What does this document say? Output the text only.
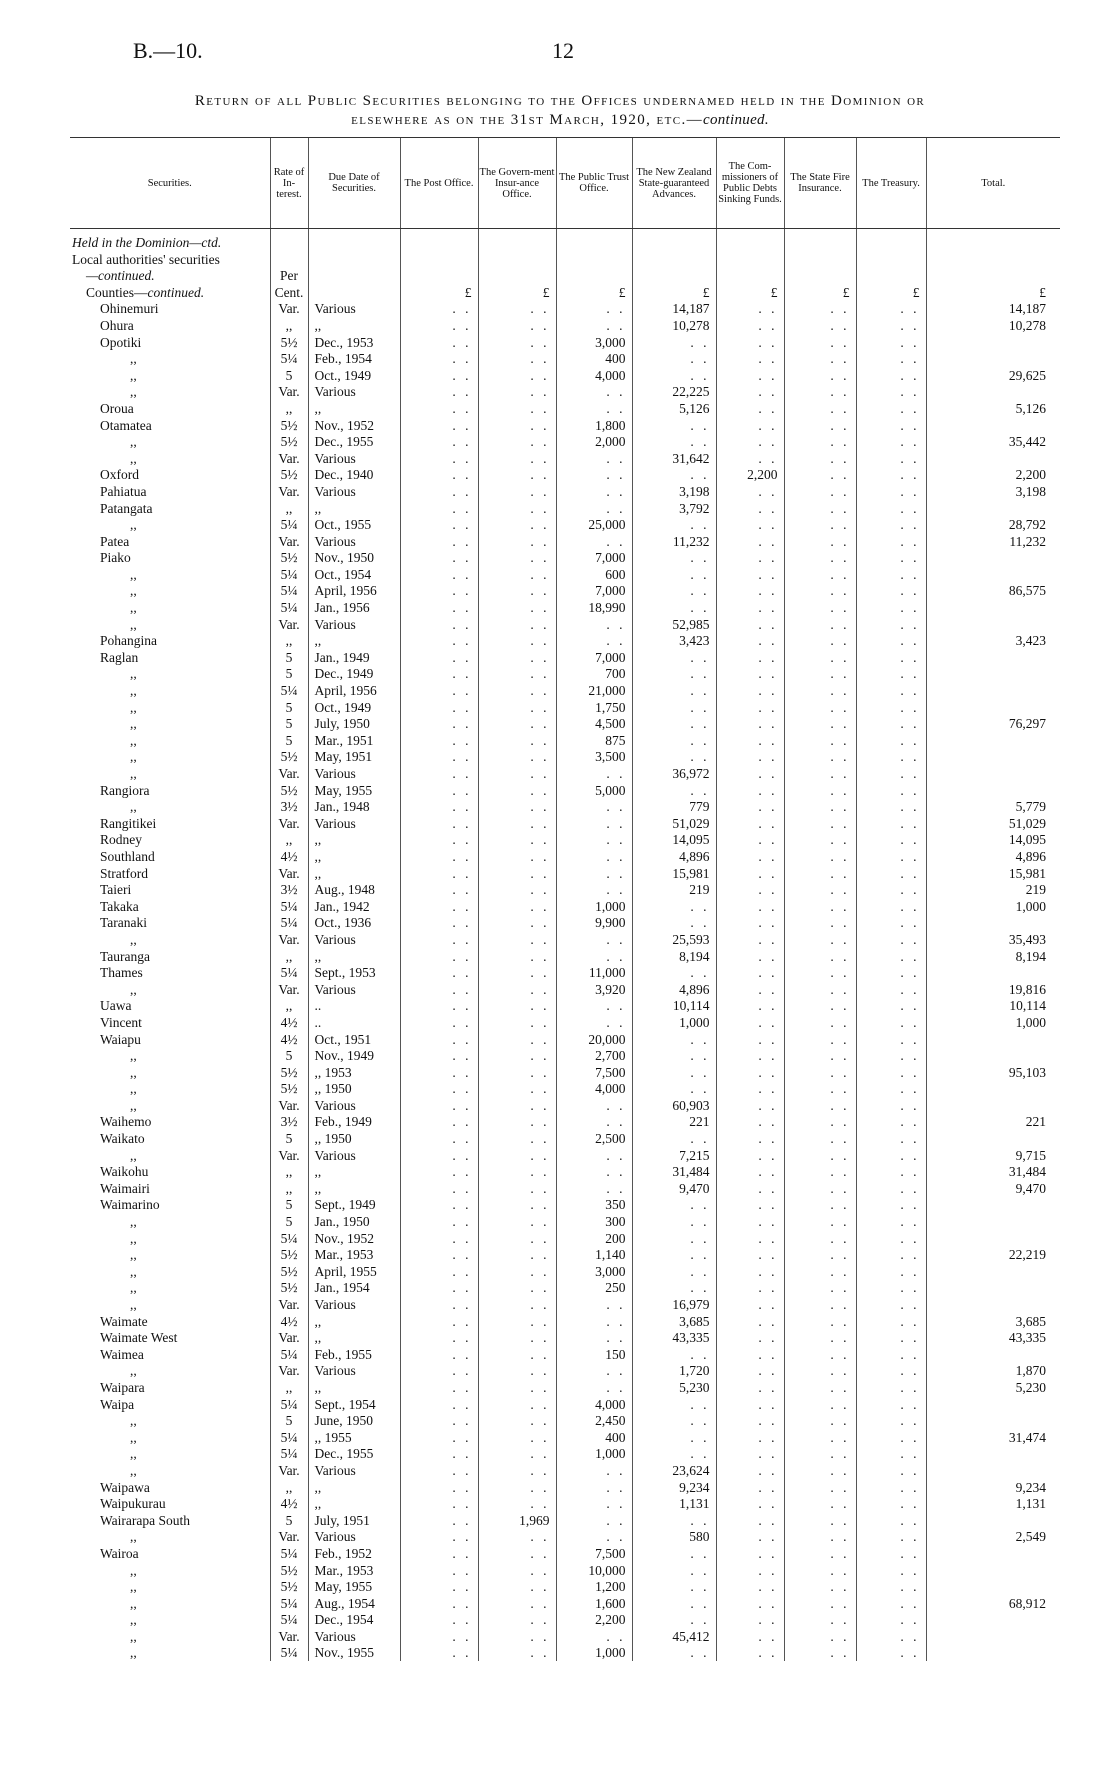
B.—10.	12
Return of all Public Securities belonging to the Offices undernamed held in the Dominion or
elsewhere as on the 31st March, 1920, etc.—continued.
Securities.	Rate of In-terest.	Due Date of Securities.	The Post Office.	The Govern-ment Insur-ance Office.	The Public Trust Office.	The New Zealand State-guaranteed Advances.	The Com-missioners of Public Debts Sinking Funds.	The State Fire Insurance.	The Treasury.	Total.
Held in the Dominion—ctd.										
Local authorities' securities										
—continued.	Per									
Counties—continued.	Cent.		£	£	£	£	£	£	£	£
Ohinemuri	Var.	Various	. .	. .	. .	14,187	. .	. .	. .	14,187
Ohura	,,	,,	. .	. .	. .	10,278	. .	. .	. .	10,278
Opotiki	5½	Dec., 1953	. .	. .	3,000	. .	. .	. .	. .	
,,	5¼	Feb., 1954	. .	. .	400	. .	. .	. .	. .	
,,	5	Oct., 1949	. .	. .	4,000	. .	. .	. .	. .	29,625
,,	Var.	Various	. .	. .	. .	22,225	. .	. .	. .	
Oroua	,,	,,	. .	. .	. .	5,126	. .	. .	. .	5,126
Otamatea	5½	Nov., 1952	. .	. .	1,800	. .	. .	. .	. .	
,,	5½	Dec., 1955	. .	. .	2,000	. .	. .	. .	. .	35,442
,,	Var.	Various	. .	. .	. .	31,642	. .	. .	. .	
Oxford	5½	Dec., 1940	. .	. .	. .	. .	2,200	. .	. .	2,200
Pahiatua	Var.	Various	. .	. .	. .	3,198	. .	. .	. .	3,198
Patangata	,,	,,	. .	. .	. .	3,792	. .	. .	. .	
,,	5¼	Oct., 1955	. .	. .	25,000	. .	. .	. .	. .	28,792
Patea	Var.	Various	. .	. .	. .	11,232	. .	. .	. .	11,232
Piako	5½	Nov., 1950	. .	. .	7,000	. .	. .	. .	. .	
,,	5¼	Oct., 1954	. .	. .	600	. .	. .	. .	. .	
,,	5¼	April, 1956	. .	. .	7,000	. .	. .	. .	. .	86,575
,,	5¼	Jan., 1956	. .	. .	18,990	. .	. .	. .	. .	
,,	Var.	Various	. .	. .	. .	52,985	. .	. .	. .	
Pohangina	,,	,,	. .	. .	. .	3,423	. .	. .	. .	3,423
Raglan	5	Jan., 1949	. .	. .	7,000	. .	. .	. .	. .	
,,	5	Dec., 1949	. .	. .	700	. .	. .	. .	. .	
,,	5¼	April, 1956	. .	. .	21,000	. .	. .	. .	. .	
,,	5	Oct., 1949	. .	. .	1,750	. .	. .	. .	. .	
,,	5	July, 1950	. .	. .	4,500	. .	. .	. .	. .	76,297
,,	5	Mar., 1951	. .	. .	875	. .	. .	. .	. .	
,,	5½	May, 1951	. .	. .	3,500	. .	. .	. .	. .	
,,	Var.	Various	. .	. .	. .	36,972	. .	. .	. .	
Rangiora	5½	May, 1955	. .	. .	5,000	. .	. .	. .	. .	
,,	3½	Jan., 1948	. .	. .	. .	779	. .	. .	. .	5,779
Rangitikei	Var.	Various	. .	. .	. .	51,029	. .	. .	. .	51,029
Rodney	,,	,,	. .	. .	. .	14,095	. .	. .	. .	14,095
Southland	4½	,,	. .	. .	. .	4,896	. .	. .	. .	4,896
Stratford	Var.	,,	. .	. .	. .	15,981	. .	. .	. .	15,981
Taieri	3½	Aug., 1948	. .	. .	. .	219	. .	. .	. .	219
Takaka	5¼	Jan., 1942	. .	. .	1,000	. .	. .	. .	. .	1,000
Taranaki	5¼	Oct., 1936	. .	. .	9,900	. .	. .	. .	. .	
,,	Var.	Various	. .	. .	. .	25,593	. .	. .	. .	35,493
Tauranga	,,	,,	. .	. .	. .	8,194	. .	. .	. .	8,194
Thames	5¼	Sept., 1953	. .	. .	11,000	. .	. .	. .	. .	
,,	Var.	Various	. .	. .	3,920	4,896	. .	. .	. .	19,816
Uawa	,,	..	. .	. .	. .	10,114	. .	. .	. .	10,114
Vincent	4½	..	. .	. .	. .	1,000	. .	. .	. .	1,000
Waiapu	4½	Oct., 1951	. .	. .	20,000	. .	. .	. .	. .	
,,	5	Nov., 1949	. .	. .	2,700	. .	. .	. .	. .	
,,	5½	,, 1953	. .	. .	7,500	. .	. .	. .	. .	95,103
,,	5½	,, 1950	. .	. .	4,000	. .	. .	. .	. .	
,,	Var.	Various	. .	. .	. .	60,903	. .	. .	. .	
Waihemo	3½	Feb., 1949	. .	. .	. .	221	. .	. .	. .	221
Waikato	5	,, 1950	. .	. .	2,500	. .	. .	. .	. .	
,,	Var.	Various	. .	. .	. .	7,215	. .	. .	. .	9,715
Waikohu	,,	,,	. .	. .	. .	31,484	. .	. .	. .	31,484
Waimairi	,,	,,	. .	. .	. .	9,470	. .	. .	. .	9,470
Waimarino	5	Sept., 1949	. .	. .	350	. .	. .	. .	. .	
,,	5	Jan., 1950	. .	. .	300	. .	. .	. .	. .	
,,	5¼	Nov., 1952	. .	. .	200	. .	. .	. .	. .	
,,	5½	Mar., 1953	. .	. .	1,140	. .	. .	. .	. .	22,219
,,	5½	April, 1955	. .	. .	3,000	. .	. .	. .	. .	
,,	5½	Jan., 1954	. .	. .	250	. .	. .	. .	. .	
,,	Var.	Various	. .	. .	. .	16,979	. .	. .	. .	
Waimate	4½	,,	. .	. .	. .	3,685	. .	. .	. .	3,685
Waimate West	Var.	,,	. .	. .	. .	43,335	. .	. .	. .	43,335
Waimea	5¼	Feb., 1955	. .	. .	150	. .	. .	. .	. .	
,,	Var.	Various	. .	. .	. .	1,720	. .	. .	. .	1,870
Waipara	,,	,,	. .	. .	. .	5,230	. .	. .	. .	5,230
Waipa	5¼	Sept., 1954	. .	. .	4,000	. .	. .	. .	. .	
,,	5	June, 1950	. .	. .	2,450	. .	. .	. .	. .	
,,	5¼	,, 1955	. .	. .	400	. .	. .	. .	. .	31,474
,,	5¼	Dec., 1955	. .	. .	1,000	. .	. .	. .	. .	
,,	Var.	Various	. .	. .	. .	23,624	. .	. .	. .	
Waipawa	,,	,,	. .	. .	. .	9,234	. .	. .	. .	9,234
Waipukurau	4½	,,	. .	. .	. .	1,131	. .	. .	. .	1,131
Wairarapa South	5	July, 1951	. .	1,969	. .	. .	. .	. .	. .	
,,	Var.	Various	. .	. .	. .	580	. .	. .	. .	2,549
Wairoa	5¼	Feb., 1952	. .	. .	7,500	. .	. .	. .	. .	
,,	5½	Mar., 1953	. .	. .	10,000	. .	. .	. .	. .	
,,	5½	May, 1955	. .	. .	1,200	. .	. .	. .	. .	
,,	5¼	Aug., 1954	. .	. .	1,600	. .	. .	. .	. .	68,912
,,	5¼	Dec., 1954	. .	. .	2,200	. .	. .	. .	. .	
,,	Var.	Various	. .	. .	. .	45,412	. .	. .	. .	
,,	5¼	Nov., 1955	. .	. .	1,000	. .	. .	. .	. .	
